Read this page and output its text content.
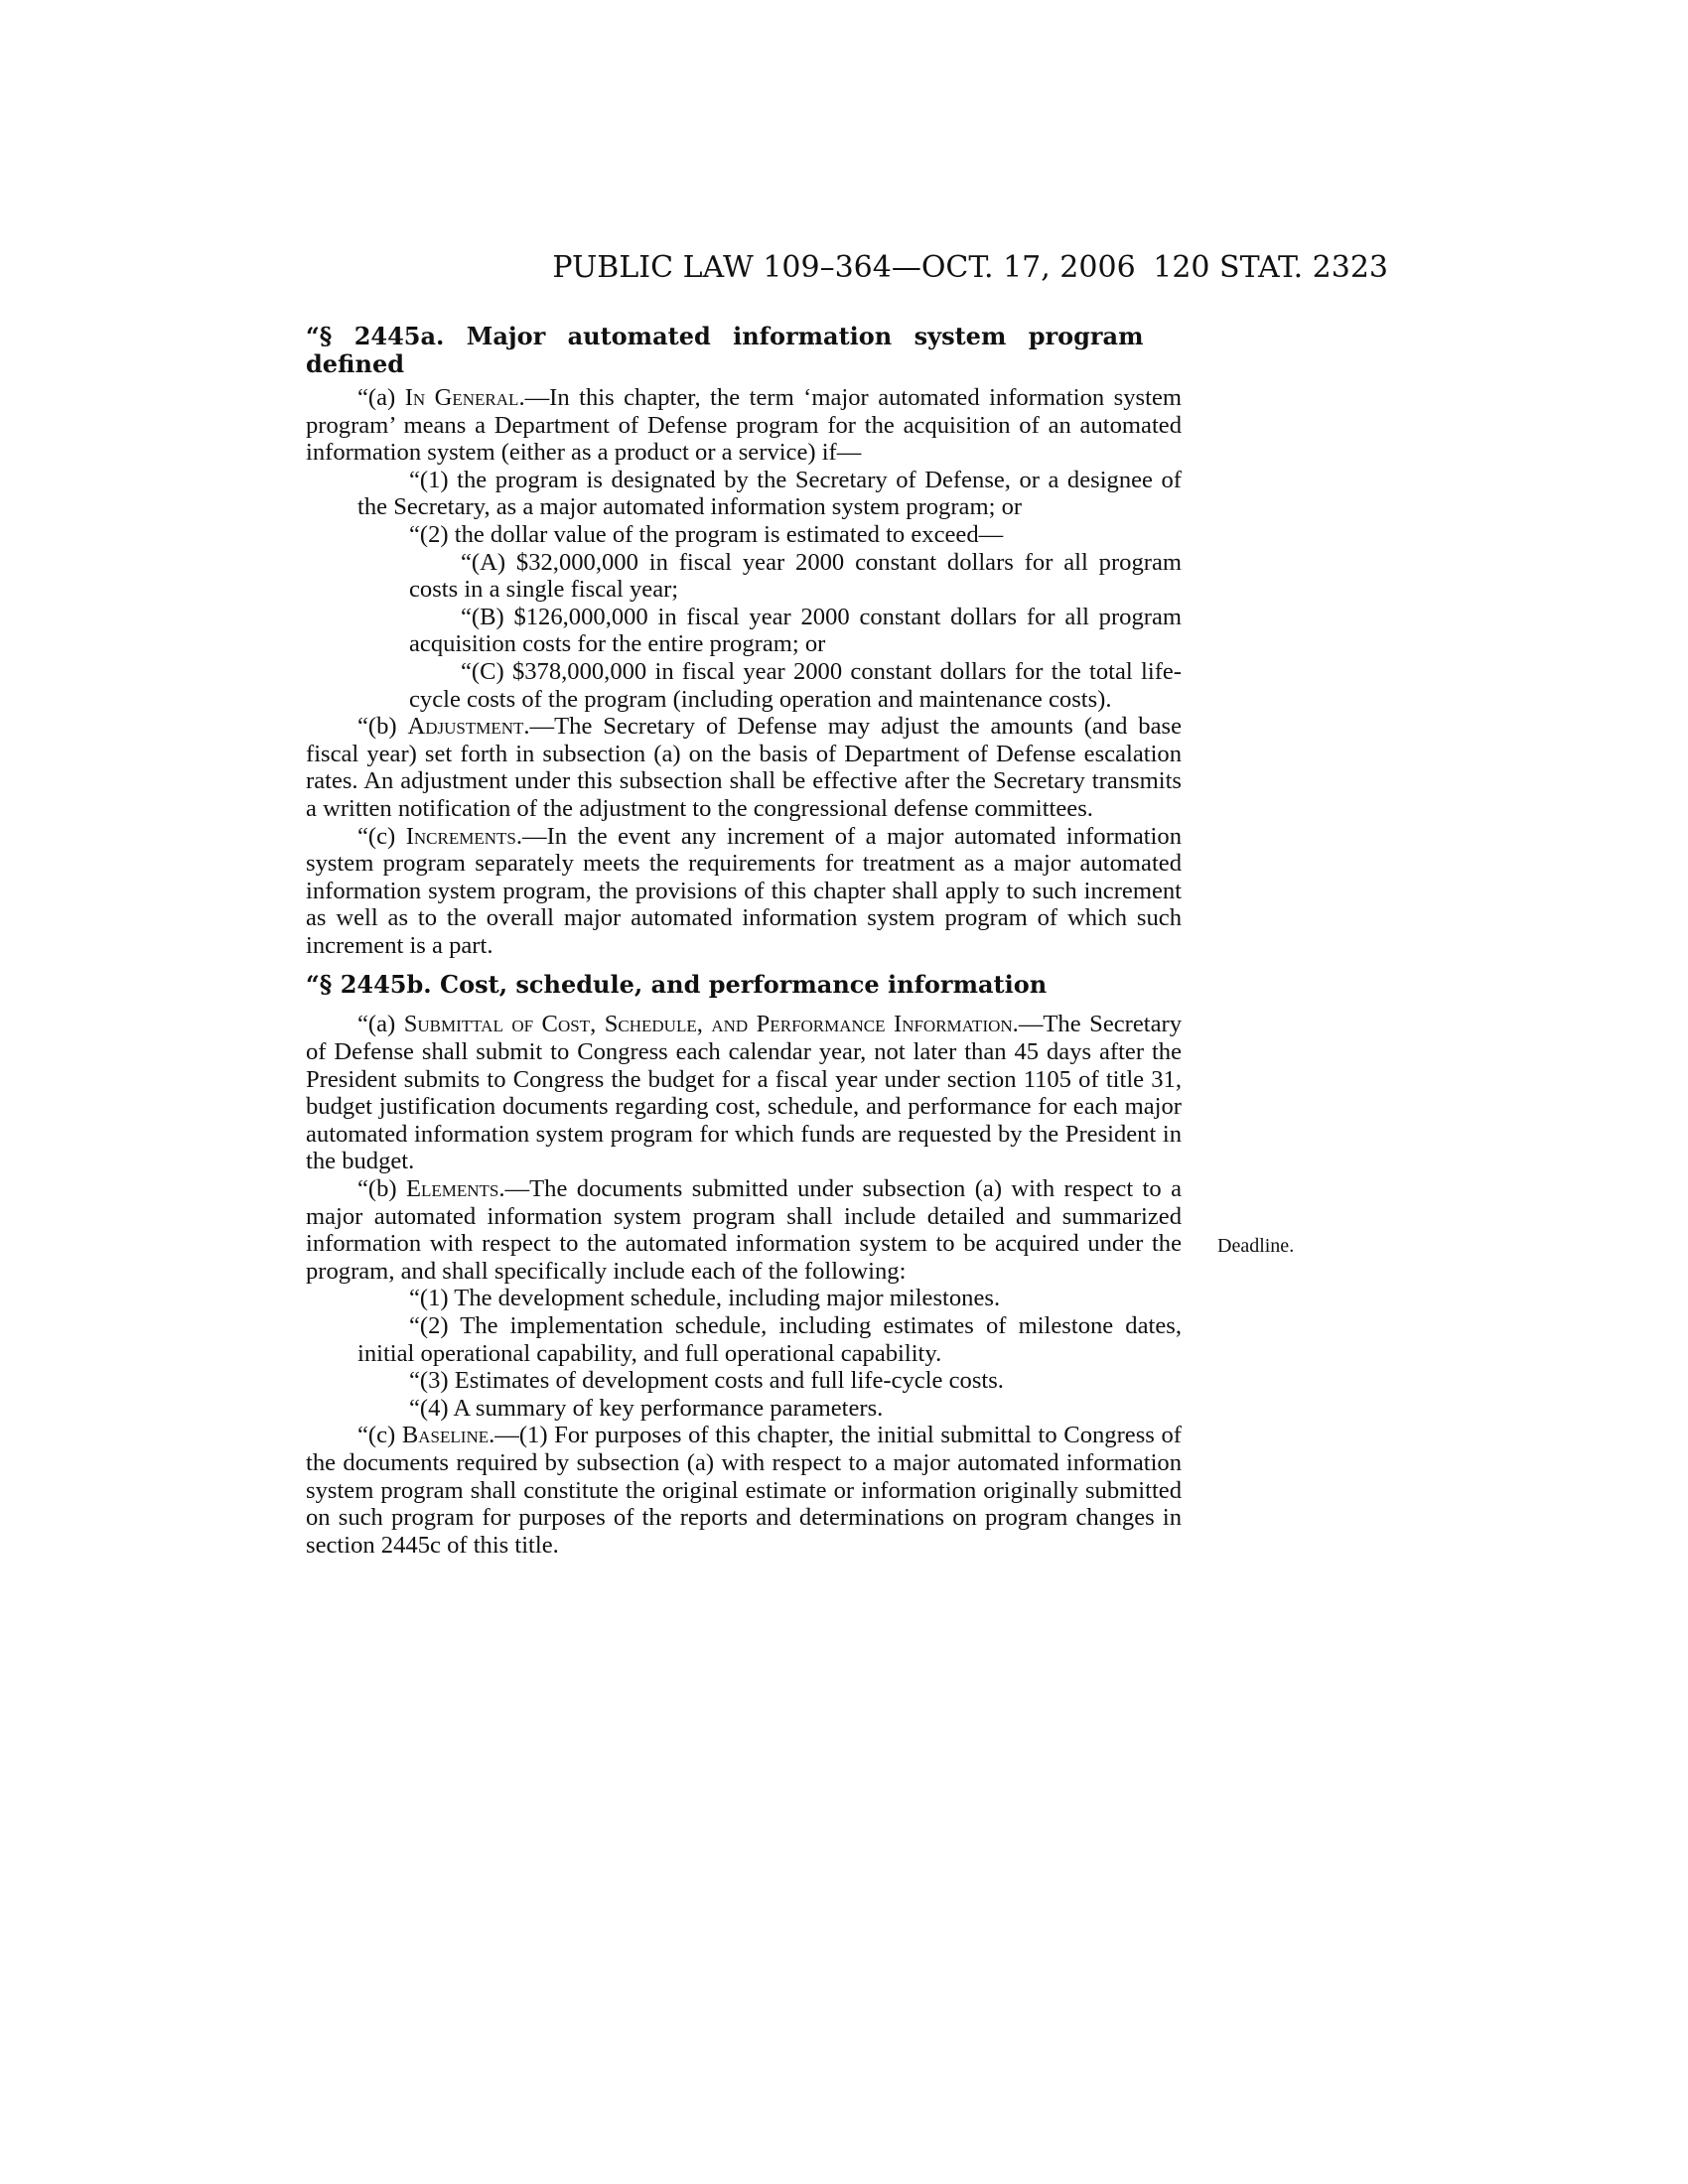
PUBLIC LAW 109–364—OCT. 17, 2006 120 STAT. 2323
“§ 2445a. Major automated information system program defined

“(a) In General.—In this chapter, the term ‘major automated information system program’ means a Department of Defense program for the acquisition of an automated information system (either as a product or a service) if—

“(1) the program is designated by the Secretary of Defense, or a designee of the Secretary, as a major automated information system program; or

“(2) the dollar value of the program is estimated to exceed—

“(A) $32,000,000 in fiscal year 2000 constant dollars for all program costs in a single fiscal year;

“(B) $126,000,000 in fiscal year 2000 constant dollars for all program acquisition costs for the entire program; or

“(C) $378,000,000 in fiscal year 2000 constant dollars for the total life-cycle costs of the program (including operation and maintenance costs).

“(b) Adjustment.—The Secretary of Defense may adjust the amounts (and base fiscal year) set forth in subsection (a) on the basis of Department of Defense escalation rates. An adjustment under this subsection shall be effective after the Secretary transmits a written notification of the adjustment to the congressional defense committees.

“(c) Increments.—In the event any increment of a major automated information system program separately meets the requirements for treatment as a major automated information system program, the provisions of this chapter shall apply to such increment as well as to the overall major automated information system program of which such increment is a part.

“§ 2445b. Cost, schedule, and performance information

“(a) Submittal of Cost, Schedule, and Performance Information.—The Secretary of Defense shall submit to Congress each calendar year, not later than 45 days after the President submits to Congress the budget for a fiscal year under section 1105 of title 31, budget justification documents regarding cost, schedule, and performance for each major automated information system program for which funds are requested by the President in the budget.

“(b) Elements.—The documents submitted under subsection (a) with respect to a major automated information system program shall include detailed and summarized information with respect to the automated information system to be acquired under the program, and shall specifically include each of the following:

“(1) The development schedule, including major milestones.

“(2) The implementation schedule, including estimates of milestone dates, initial operational capability, and full operational capability.

“(3) Estimates of development costs and full life-cycle costs.

“(4) A summary of key performance parameters.

“(c) Baseline.—(1) For purposes of this chapter, the initial submittal to Congress of the documents required by subsection (a) with respect to a major automated information system program shall constitute the original estimate or information originally submitted on such program for purposes of the reports and determinations on program changes in section 2445c of this title.

Deadline.
